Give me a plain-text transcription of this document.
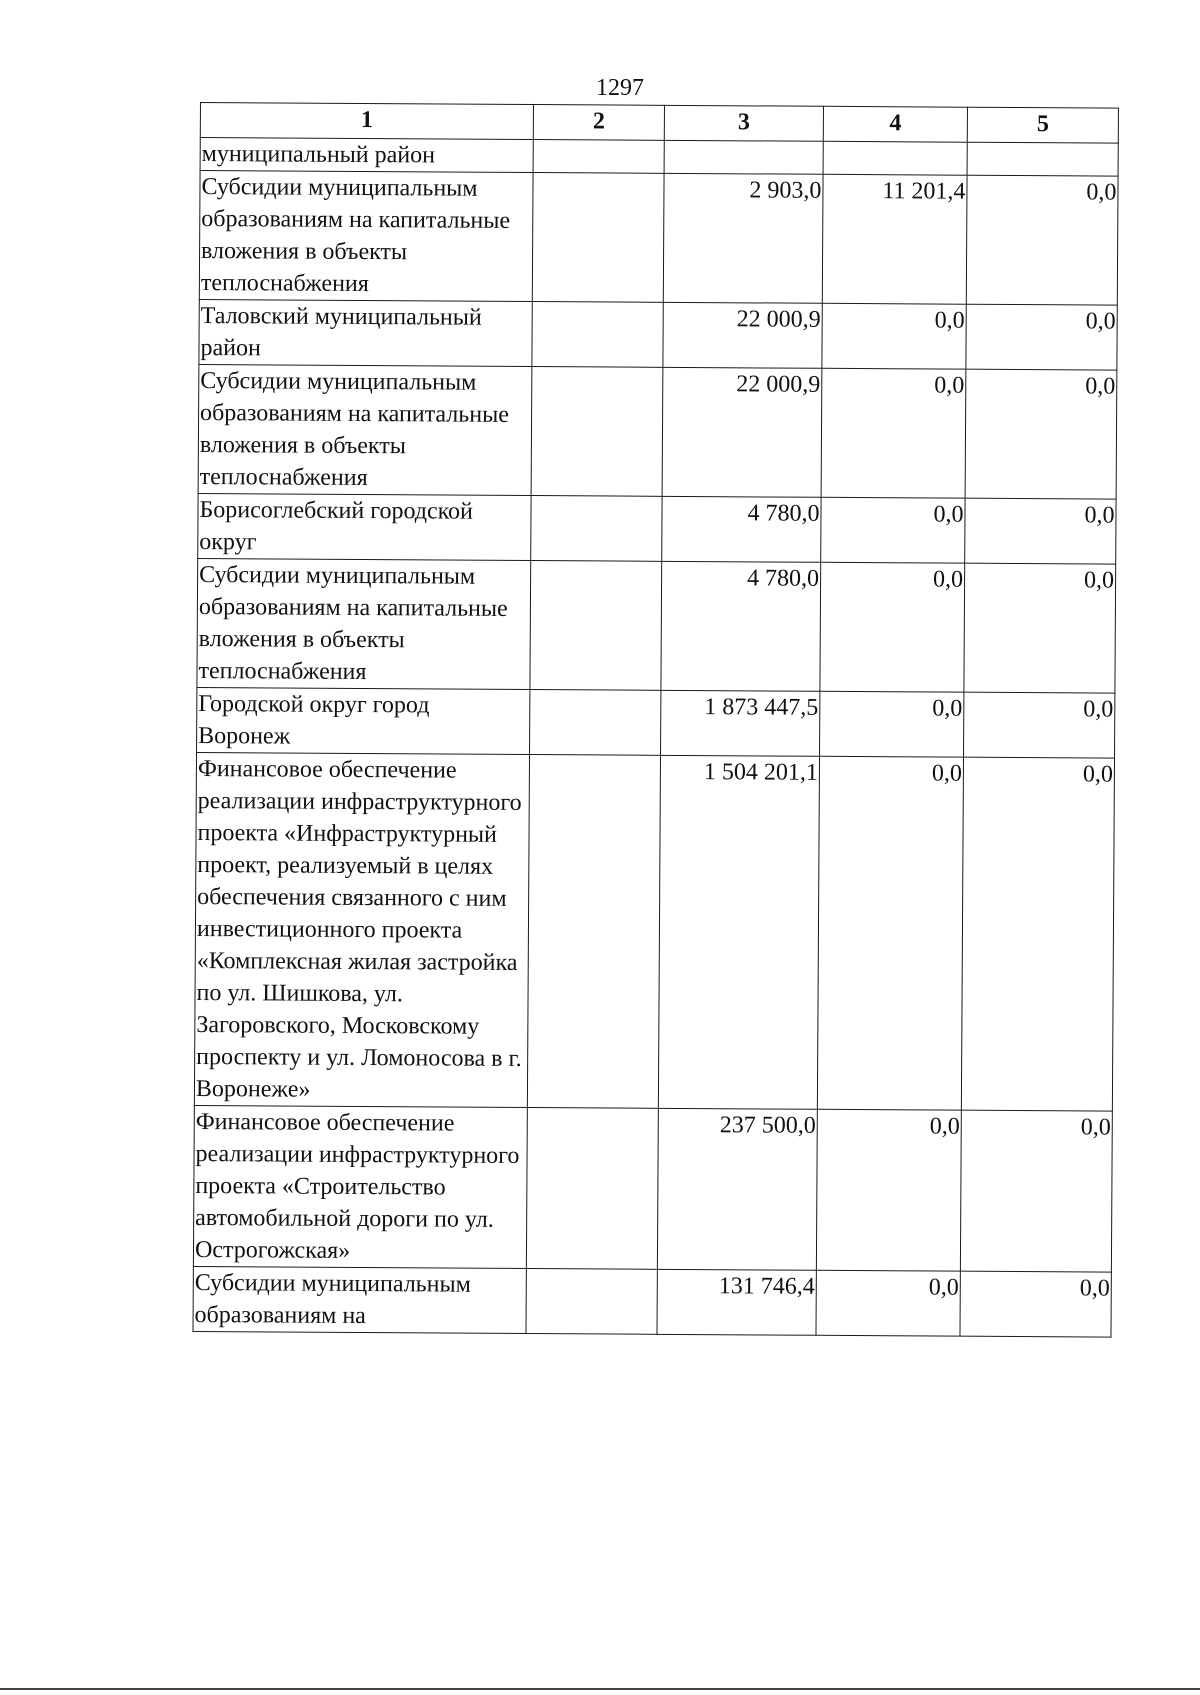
1297
1	2	3	4	5
муниципальный район				
Субсидии муниципальным образованиям на капитальные вложения в объекты теплоснабжения		2 903,0	11 201,4	0,0
Таловский муниципальный район		22 000,9	0,0	0,0
Субсидии муниципальным образованиям на капитальные вложения в объекты теплоснабжения		22 000,9	0,0	0,0
Борисоглебский городской округ		4 780,0	0,0	0,0
Субсидии муниципальным образованиям на капитальные вложения в объекты теплоснабжения		4 780,0	0,0	0,0
Городской округ город Воронеж		1 873 447,5	0,0	0,0
Финансовое обеспечение реализации инфраструктурного проекта «Инфраструктурный проект, реализуемый в целях обеспечения связанного с ним инвестиционного проекта «Комплексная жилая застройка по ул. Шишкова, ул. Загоровского, Московскому проспекту и ул. Ломоносова в г. Воронеже»		1 504 201,1	0,0	0,0
Финансовое обеспечение реализации инфраструктурного проекта «Строительство автомобильной дороги по ул. Острогожская»		237 500,0	0,0	0,0
Субсидии муниципальным образованиям на		131 746,4	0,0	0,0
